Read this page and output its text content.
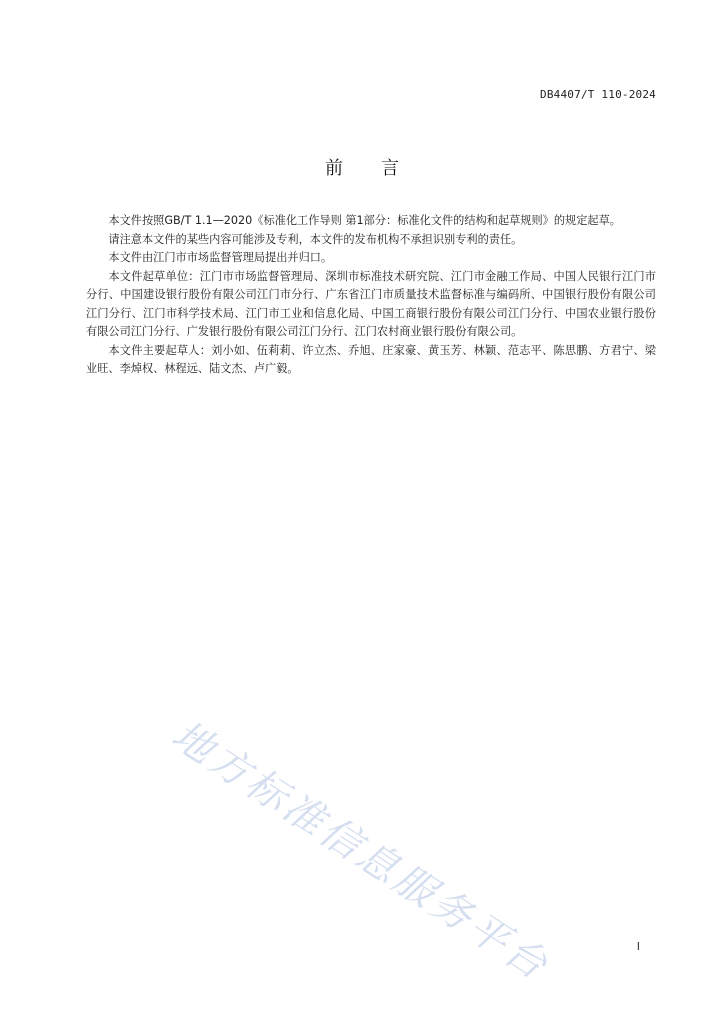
DB4407/T 110-2024
前言

本文件按照GB/T 1.1—2020《标准化工作导则 第1部分：标准化文件的结构和起草规则》的规定起草。

请注意本文件的某些内容可能涉及专利，本文件的发布机构不承担识别专利的责任。

本文件由江门市市场监督管理局提出并归口。

本文件起草单位：江门市市场监督管理局、深圳市标准技术研究院、江门市金融工作局、中国人民银行江门市分行、中国建设银行股份有限公司江门市分行、广东省江门市质量技术监督标准与编码所、中国银行股份有限公司江门分行、江门市科学技术局、江门市工业和信息化局、中国工商银行股份有限公司江门分行、中国农业银行股份有限公司江门分行、广发银行股份有限公司江门分行、江门农村商业银行股份有限公司。

本文件主要起草人：刘小如、伍莉莉、许立杰、乔旭、庄家豪、黄玉芳、林颖、范志平、陈思鹏、方君宁、梁业旺、李焯权、林程远、陆文杰、卢广毅。

地方标准信息服务平台	I
